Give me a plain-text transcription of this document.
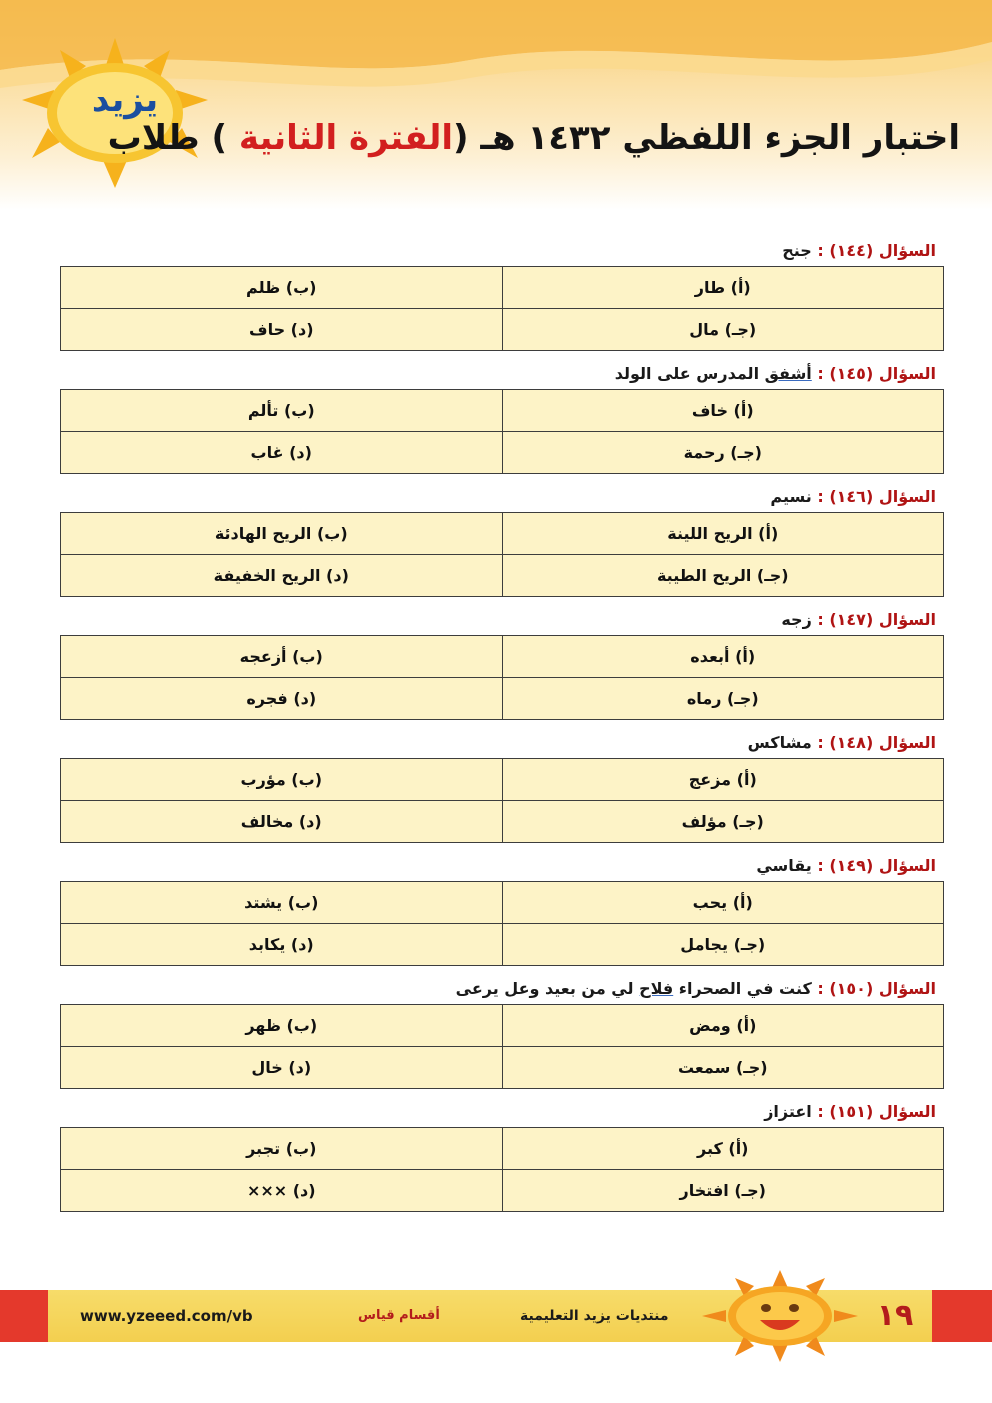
يزيد
اختبار الجزء اللفظي ١٤٣٢ هـ (الفترة الثانية ) طلاب
السؤال (١٤٤) : جنح
(أ) طار	(ب) ظلم
(جـ) مال	(د) حاف
السؤال (١٤٥) : أشفق المدرس على الولد
(أ) خاف	(ب) تألم
(جـ) رحمة	(د) غاب
السؤال (١٤٦) : نسيم
(أ) الريح اللينة	(ب) الريح الهادئة
(جـ) الريح الطيبة	(د) الريح الخفيفة
السؤال (١٤٧) : زجه
(أ) أبعده	(ب) أزعجه
(جـ) رماه	(د) فجره
السؤال (١٤٨) : مشاكس
(أ) مزعج	(ب) مؤرب
(جـ) مؤلف	(د) مخالف
السؤال (١٤٩) : يقاسي
(أ) يحب	(ب) يشتد
(جـ) يجامل	(د) يكابد
السؤال (١٥٠) : كنت في الصحراء فلاح لي من بعيد وعل يرعى
(أ) ومض	(ب) ظهر
(جـ) سمعت	(د) خال
السؤال (١٥١) : اعتزاز
(أ) كبر	(ب) تجبر
(جـ) افتخار	(د) ×××
www.yzeeed.com/vb	أقسام قياس	منتديات يزيد التعليمية	١٩
